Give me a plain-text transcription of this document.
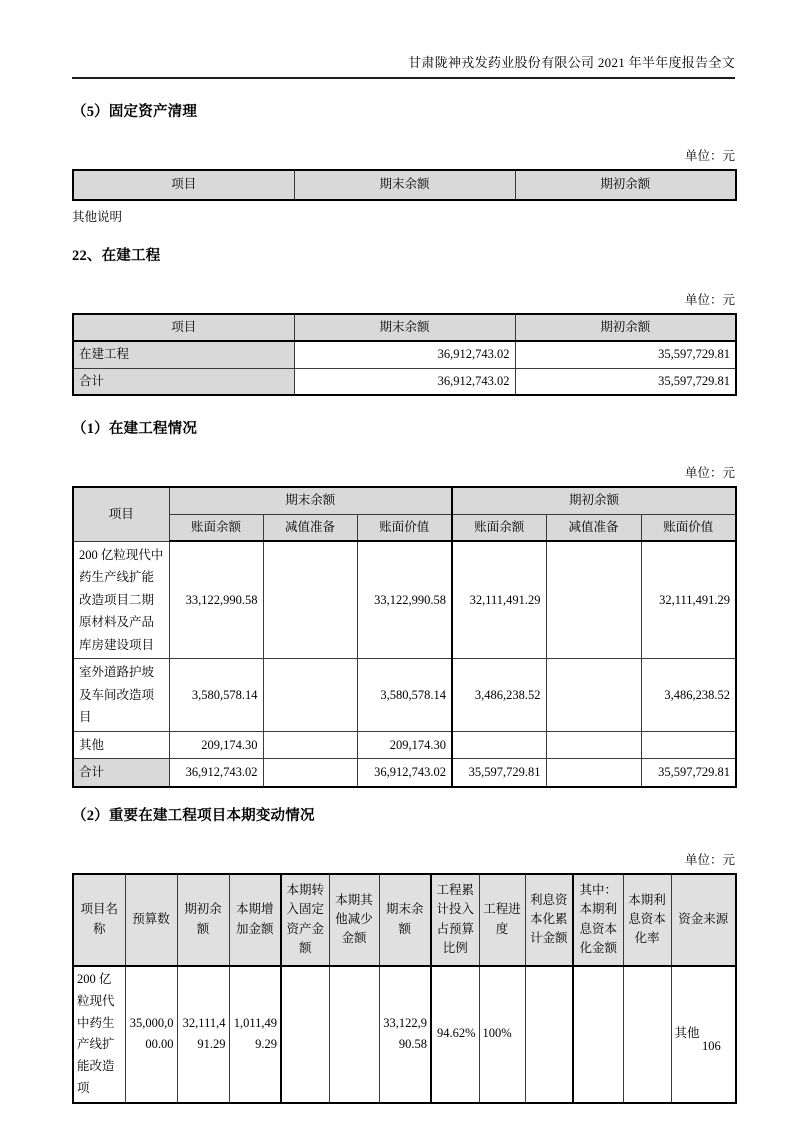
甘肃陇神戎发药业股份有限公司 2021 年半年度报告全文
（5）固定资产清理
单位：元
项目	期末余额	期初余额
其他说明
22、在建工程
单位：元
项目	期末余额	期初余额
在建工程	36,912,743.02	35,597,729.81
合计	36,912,743.02	35,597,729.81
（1）在建工程情况
单位：元
项目	期末余额			期初余额		
	账面余额	减值准备	账面价值	账面余额	减值准备	账面价值
200 亿粒现代中药生产线扩能改造项目二期原材料及产品库房建设项目	33,122,990.58		33,122,990.58	32,111,491.29		32,111,491.29
室外道路护坡及车间改造项目	3,580,578.14		3,580,578.14	3,486,238.52		3,486,238.52
其他	209,174.30		209,174.30			
合计	36,912,743.02		36,912,743.02	35,597,729.81		35,597,729.81
（2）重要在建工程项目本期变动情况
单位：元
项目名称	预算数	期初余额	本期增加金额	本期转入固定资产金额	本期其他减少金额	期末余额	工程累计投入占预算比例	工程进度	利息资本化累计金额	其中：本期利息资本化金额	本期利息资本化率	资金来源
200 亿粒现代中药生产线扩能改造项	35,000,000.00	32,111,491.29	1,011,499.29			33,122,990.58	94.62%	100%				其他
106
